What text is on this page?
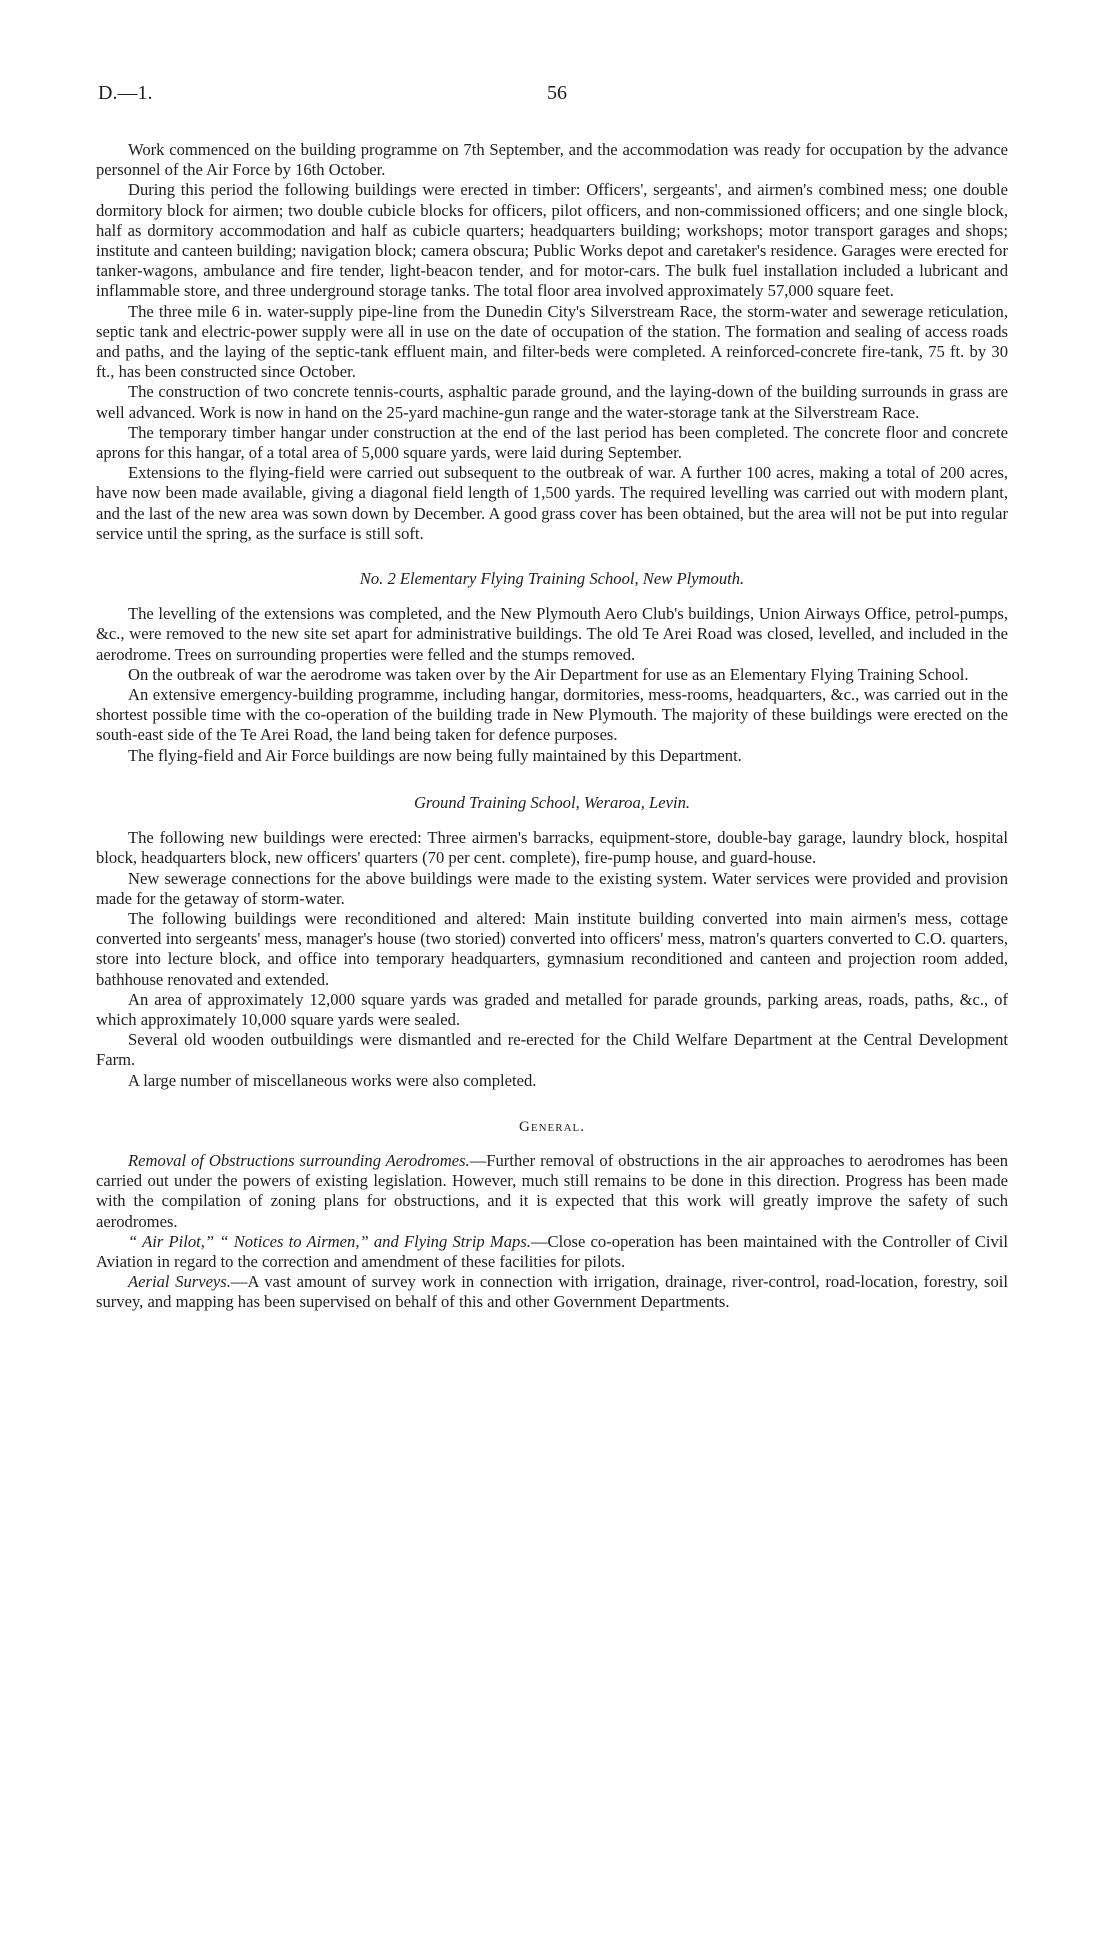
D.—1.	56

Work commenced on the building programme on 7th September, and the accommodation was ready for occupation by the advance personnel of the Air Force by 16th October.

During this period the following buildings were erected in timber: Officers', sergeants', and airmen's combined mess; one double dormitory block for airmen; two double cubicle blocks for officers, pilot officers, and non-commissioned officers; and one single block, half as dormitory accommodation and half as cubicle quarters; headquarters building; workshops; motor transport garages and shops; institute and canteen building; navigation block; camera obscura; Public Works depot and caretaker's residence. Garages were erected for tanker-wagons, ambulance and fire tender, light-beacon tender, and for motor-cars. The bulk fuel installation included a lubricant and inflammable store, and three underground storage tanks. The total floor area involved approximately 57,000 square feet.

The three mile 6 in. water-supply pipe-line from the Dunedin City's Silverstream Race, the storm-water and sewerage reticulation, septic tank and electric-power supply were all in use on the date of occupation of the station. The formation and sealing of access roads and paths, and the laying of the septic-tank effluent main, and filter-beds were completed. A reinforced-concrete fire-tank, 75 ft. by 30 ft., has been constructed since October.

The construction of two concrete tennis-courts, asphaltic parade ground, and the laying-down of the building surrounds in grass are well advanced. Work is now in hand on the 25-yard machine-gun range and the water-storage tank at the Silverstream Race.

The temporary timber hangar under construction at the end of the last period has been completed. The concrete floor and concrete aprons for this hangar, of a total area of 5,000 square yards, were laid during September.

Extensions to the flying-field were carried out subsequent to the outbreak of war. A further 100 acres, making a total of 200 acres, have now been made available, giving a diagonal field length of 1,500 yards. The required levelling was carried out with modern plant, and the last of the new area was sown down by December. A good grass cover has been obtained, but the area will not be put into regular service until the spring, as the surface is still soft.

No. 2 Elementary Flying Training School, New Plymouth.

The levelling of the extensions was completed, and the New Plymouth Aero Club's buildings, Union Airways Office, petrol-pumps, &c., were removed to the new site set apart for administrative buildings. The old Te Arei Road was closed, levelled, and included in the aerodrome. Trees on surrounding properties were felled and the stumps removed.

On the outbreak of war the aerodrome was taken over by the Air Department for use as an Elementary Flying Training School.

An extensive emergency-building programme, including hangar, dormitories, mess-rooms, headquarters, &c., was carried out in the shortest possible time with the co-operation of the building trade in New Plymouth. The majority of these buildings were erected on the south-east side of the Te Arei Road, the land being taken for defence purposes.

The flying-field and Air Force buildings are now being fully maintained by this Department.

Ground Training School, Weraroa, Levin.

The following new buildings were erected: Three airmen's barracks, equipment-store, double-bay garage, laundry block, hospital block, headquarters block, new officers' quarters (70 per cent. complete), fire-pump house, and guard-house.

New sewerage connections for the above buildings were made to the existing system. Water services were provided and provision made for the getaway of storm-water.

The following buildings were reconditioned and altered: Main institute building converted into main airmen's mess, cottage converted into sergeants' mess, manager's house (two storied) converted into officers' mess, matron's quarters converted to C.O. quarters, store into lecture block, and office into temporary headquarters, gymnasium reconditioned and canteen and projection room added, bathhouse renovated and extended.

An area of approximately 12,000 square yards was graded and metalled for parade grounds, parking areas, roads, paths, &c., of which approximately 10,000 square yards were sealed.

Several old wooden outbuildings were dismantled and re-erected for the Child Welfare Department at the Central Development Farm.

A large number of miscellaneous works were also completed.

General.

Removal of Obstructions surrounding Aerodromes.—Further removal of obstructions in the air approaches to aerodromes has been carried out under the powers of existing legislation. However, much still remains to be done in this direction. Progress has been made with the compilation of zoning plans for obstructions, and it is expected that this work will greatly improve the safety of such aerodromes.

“ Air Pilot,” “ Notices to Airmen,” and Flying Strip Maps.—Close co-operation has been maintained with the Controller of Civil Aviation in regard to the correction and amendment of these facilities for pilots.

Aerial Surveys.—A vast amount of survey work in connection with irrigation, drainage, river-control, road-location, forestry, soil survey, and mapping has been supervised on behalf of this and other Government Departments.
